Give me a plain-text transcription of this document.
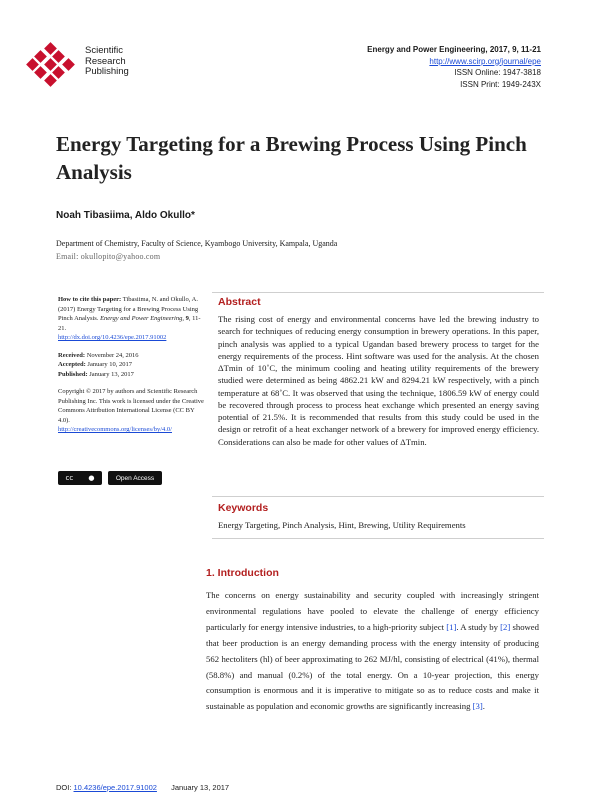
Scientific
Research
Publishing
Energy and Power Engineering, 2017, 9, 11-21
http://www.scirp.org/journal/epe
ISSN Online: 1947-3818
ISSN Print: 1949-243X
Energy Targeting for a Brewing Process Using Pinch Analysis
Noah Tibasiima, Aldo Okullo*
Department of Chemistry, Faculty of Science, Kyambogo University, Kampala, Uganda
Email: okullopito@yahoo.com
How to cite this paper: Tibasiima, N. and Okullo, A. (2017) Energy Targeting for a Brewing Process Using Pinch Analysis. Energy and Power Engineering, 9, 11-21.
http://dx.doi.org/10.4236/epe.2017.91002
Received: November 24, 2016
Accepted: January 10, 2017
Published: January 13, 2017
Copyright © 2017 by authors and Scientific Research Publishing Inc. This work is licensed under the Creative Commons Attribution International License (CC BY 4.0).
http://creativecommons.org/licenses/by/4.0/
cc ●	Open Access
Abstract
The rising cost of energy and environmental concerns have led the brewing industry to search for techniques of reducing energy consumption in brewery operations. In this paper, pinch analysis was applied to a typical Ugandan based brewery process to target for the energy requirements of the process. Hint software was used for the analysis. At the chosen ΔTmin of 10˚C, the minimum cooling and heating utility requirements of the brewery studied were determined as being 4862.21 kW and 8294.21 kW respectively, with a pinch temperature at 68˚C. It was observed that using the technique, 1806.59 kW of energy could be recovered through process to process heat exchange which presented an energy saving potential of 21.5%. It is recommended that results from this study could be used in the design or retrofit of a heat exchanger network of a brewery for improved energy efficiency. Considerations can also be made for other values of ΔTmin.
Keywords
Energy Targeting, Pinch Analysis, Hint, Brewing, Utility Requirements
1. Introduction
The concerns on energy sustainability and security coupled with increasingly stringent environmental regulations have pooled to elevate the challenge of energy efficiency particularly for energy intensive industries, to a high-priority subject [1]. A study by [2] showed that beer production is an energy demanding process with the energy intensity of producing 562 hectoliters (hl) of beer approximating to 262 MJ/hl, consisting of electrical (41%), thermal (58.8%) and manual (0.2%) of the total energy. On a 10-year projection, this energy consumption is enormous and it is imperative to mitigate so as to reduce costs and make it sustainable as population and economic growths are significantly increasing [3].
DOI: 10.4236/epe.2017.91002 January 13, 2017
